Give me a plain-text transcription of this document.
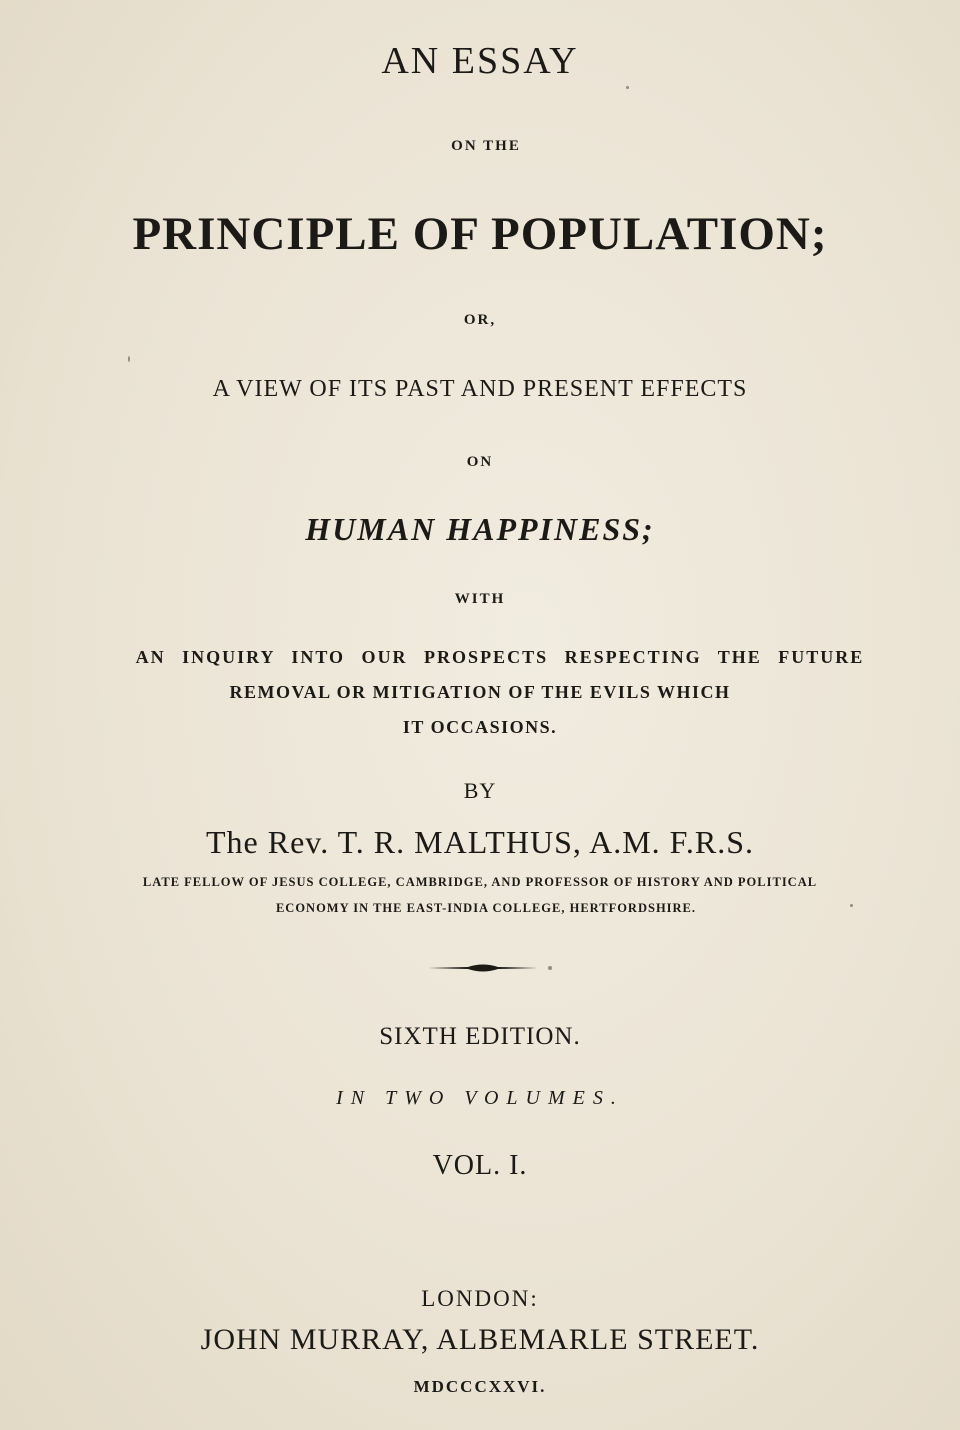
AN ESSAY
ON THE
PRINCIPLE OF POPULATION;
OR,
A VIEW OF ITS PAST AND PRESENT EFFECTS
ON
HUMAN HAPPINESS;
WITH
AN INQUIRY INTO OUR PROSPECTS RESPECTING THE FUTURE
REMOVAL OR MITIGATION OF THE EVILS WHICH
IT OCCASIONS.
BY
The Rev. T. R. MALTHUS, A.M. F.R.S.
LATE FELLOW OF JESUS COLLEGE, CAMBRIDGE, AND PROFESSOR OF HISTORY AND POLITICAL
ECONOMY IN THE EAST-INDIA COLLEGE, HERTFORDSHIRE.
SIXTH EDITION.
IN TWO VOLUMES.
VOL. I.
LONDON:
JOHN MURRAY, ALBEMARLE STREET.
MDCCCXXVI.
